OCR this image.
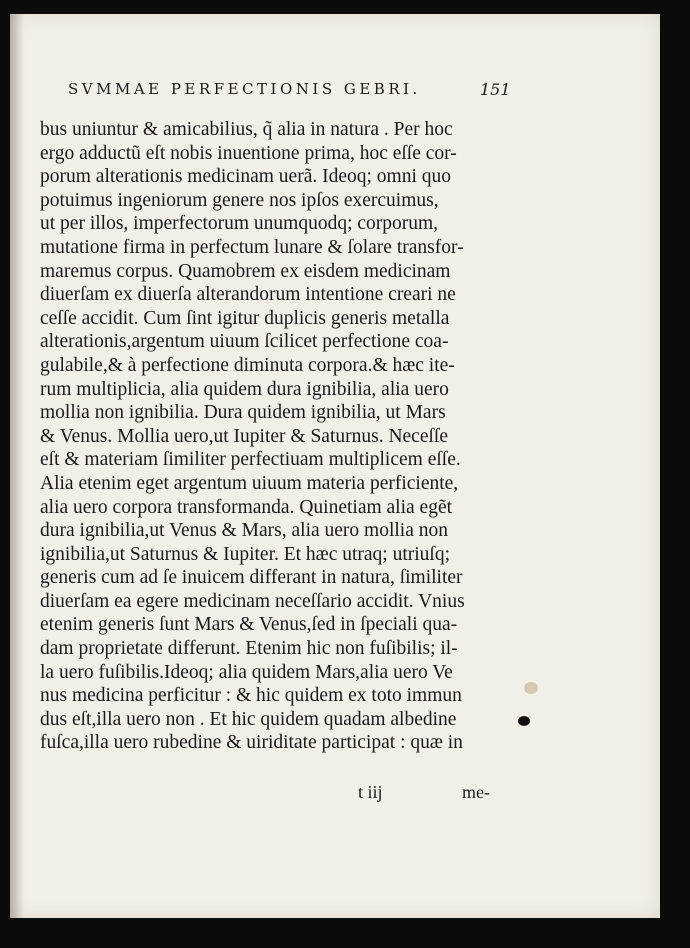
SVMMAE PERFECTIONIS GEBRI.	151
bus uniuntur & amicabilius, q̃ alia in natura . Per hoc
ergo adductũ eſt nobis inuentione prima, hoc eſſe cor-
porum alterationis medicinam uerã. Ideoq; omni quo
potuimus ingeniorum genere nos ipſos exercuimus,
ut per illos, imperfectorum unumquodq; corporum,
mutatione firma in perfectum lunare & ſolare transfor-
maremus corpus. Quamobrem ex eisdem medicinam
diuerſam ex diuerſa alterandorum intentione creari ne
ceſſe accidit. Cum ſint igitur duplicis generis metalla
alterationis,argentum uiuum ſcilicet perfectione coa-
gulabile,& à perfectione diminuta corpora.& hæc ite-
rum multiplicia, alia quidem dura ignibilia, alia uero
mollia non ignibilia. Dura quidem ignibilia, ut Mars
& Venus. Mollia uero,ut Iupiter & Saturnus. Neceſſe
eſt & materiam ſimiliter perfectiuam multiplicem eſſe.
Alia etenim eget argentum uiuum materia perficiente,
alia uero corpora transformanda. Quinetiam alia egẽt
dura ignibilia,ut Venus & Mars, alia uero mollia non
ignibilia,ut Saturnus & Iupiter. Et hæc utraq; utriuſq;
generis cum ad ſe inuicem differant in natura, ſimiliter
diuerſam ea egere medicinam neceſſario accidit. Vnius
etenim generis ſunt Mars & Venus,ſed in ſpeciali qua-
dam proprietate differunt. Etenim hic non fuſibilis; il-
la uero fuſibilis.Ideoq; alia quidem Mars,alia uero Ve
nus medicina perficitur : & hic quidem ex toto immun
dus eſt,illa uero non . Et hic quidem quadam albedine
fuſca,illa uero rubedine & uiriditate participat : quæ in
t iij	me-
